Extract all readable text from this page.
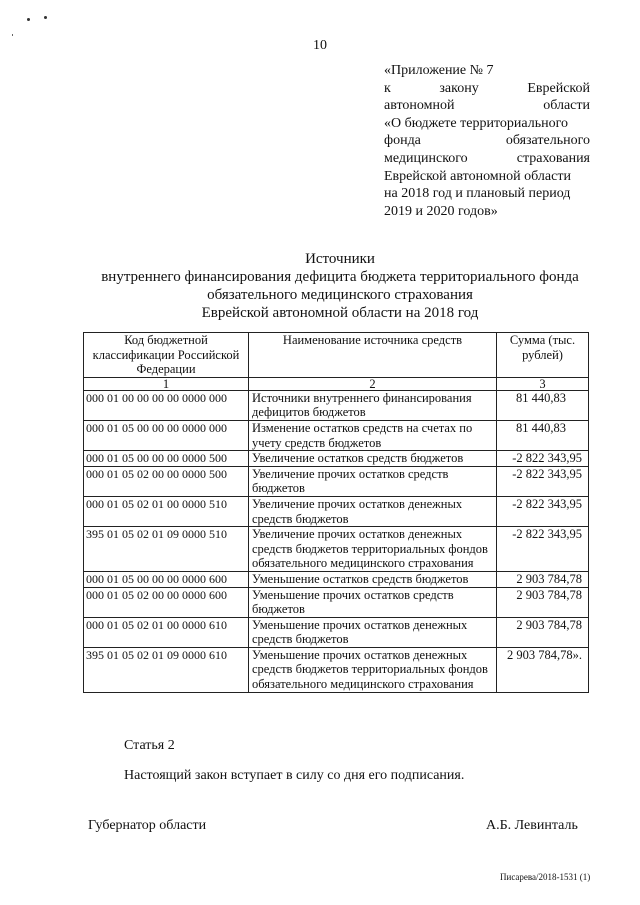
10
«Приложение № 7
к	закону	Еврейской
автономной	области
«О бюджете территориального
фонда	обязательного
медицинского	страхования
Еврейской автономной области
на 2018 год и плановый период
2019 и 2020 годов»
Источники
внутреннего финансирования дефицита бюджета территориального фонда
обязательного медицинского страхования
Еврейской автономной области на 2018 год
Код бюджетной классификации Российской Федерации	Наименование источника средств	Сумма (тыс. рублей)
1	2	3
000 01 00 00 00 00 0000 000	Источники внутреннего финансирования дефицитов бюджетов	81 440,83
000 01 05 00 00 00 0000 000	Изменение остатков средств на счетах по учету средств бюджетов	81 440,83
000 01 05 00 00 00 0000 500	Увеличение остатков средств бюджетов	-2 822 343,95
000 01 05 02 00 00 0000 500	Увеличение прочих остатков средств бюджетов	-2 822 343,95
000 01 05 02 01 00 0000 510	Увеличение прочих остатков денежных средств бюджетов	-2 822 343,95
395 01 05 02 01 09 0000 510	Увеличение прочих остатков денежных средств бюджетов территориальных фондов обязательного медицинского страхования	-2 822 343,95
000 01 05 00 00 00 0000 600	Уменьшение остатков средств бюджетов	2 903 784,78
000 01 05 02 00 00 0000 600	Уменьшение прочих остатков средств бюджетов	2 903 784,78
000 01 05 02 01 00 0000 610	Уменьшение прочих остатков денежных средств бюджетов	2 903 784,78
395 01 05 02 01 09 0000 610	Уменьшение прочих остатков денежных средств бюджетов территориальных фондов обязательного медицинского страхования	2 903 784,78».
Статья 2
Настоящий закон вступает в силу со дня его подписания.
Губернатор области	А.Б. Левинталь
Писарева/2018-1531 (1)
